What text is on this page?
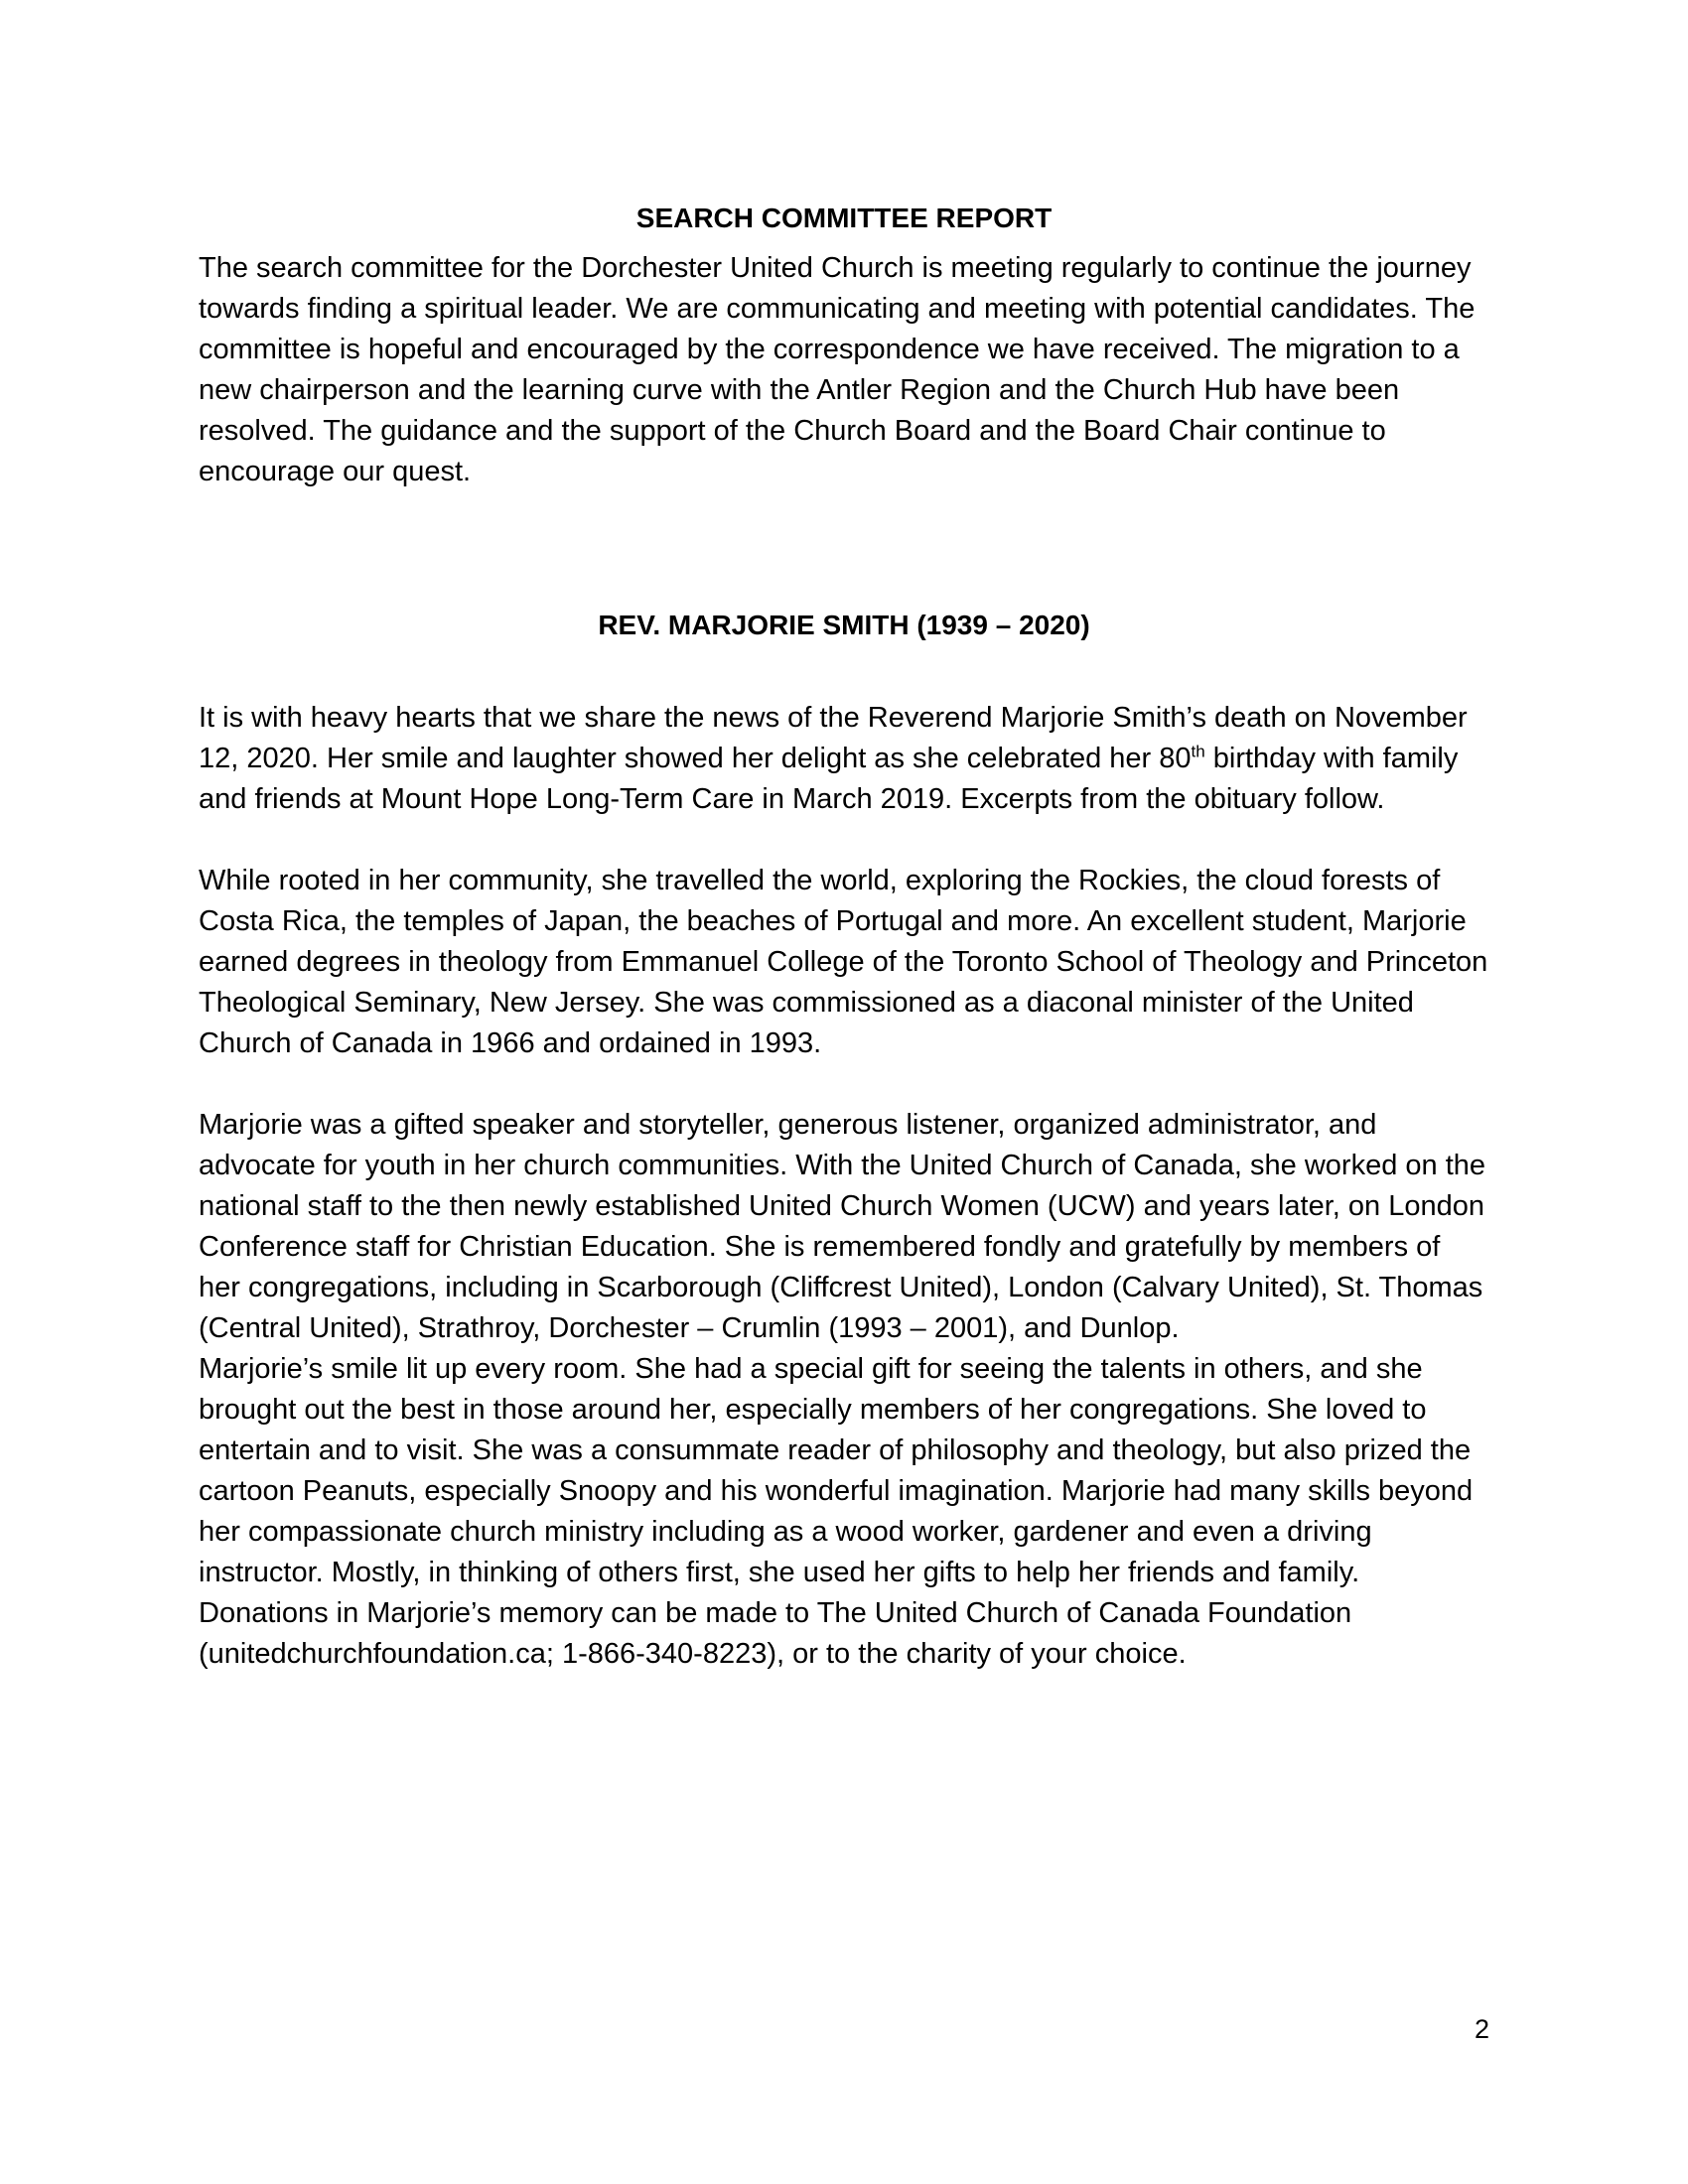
SEARCH COMMITTEE REPORT

The search committee for the Dorchester United Church is meeting regularly to continue the journey towards finding a spiritual leader. We are communicating and meeting with potential candidates. The committee is hopeful and encouraged by the correspondence we have received. The migration to a new chairperson and the learning curve with the Antler Region and the Church Hub have been resolved. The guidance and the support of the Church Board and the Board Chair continue to encourage our quest.

REV. MARJORIE SMITH (1939 – 2020)

It is with heavy hearts that we share the news of the Reverend Marjorie Smith’s death on November 12, 2020. Her smile and laughter showed her delight as she celebrated her 80th birthday with family and friends at Mount Hope Long-Term Care in March 2019. Excerpts from the obituary follow.

While rooted in her community, she travelled the world, exploring the Rockies, the cloud forests of Costa Rica, the temples of Japan, the beaches of Portugal and more. An excellent student, Marjorie earned degrees in theology from Emmanuel College of the Toronto School of Theology and Princeton Theological Seminary, New Jersey. She was commissioned as a diaconal minister of the United Church of Canada in 1966 and ordained in 1993.

Marjorie was a gifted speaker and storyteller, generous listener, organized administrator, and advocate for youth in her church communities. With the United Church of Canada, she worked on the national staff to the then newly established United Church Women (UCW) and years later, on London Conference staff for Christian Education. She is remembered fondly and gratefully by members of her congregations, including in Scarborough (Cliffcrest United), London (Calvary United), St. Thomas (Central United), Strathroy, Dorchester – Crumlin (1993 – 2001), and Dunlop.

Marjorie’s smile lit up every room. She had a special gift for seeing the talents in others, and she brought out the best in those around her, especially members of her congregations. She loved to entertain and to visit. She was a consummate reader of philosophy and theology, but also prized the cartoon Peanuts, especially Snoopy and his wonderful imagination. Marjorie had many skills beyond her compassionate church ministry including as a wood worker, gardener and even a driving instructor. Mostly, in thinking of others first, she used her gifts to help her friends and family.

Donations in Marjorie’s memory can be made to The United Church of Canada Foundation (unitedchurchfoundation.ca; 1-866-340-8223), or to the charity of your choice.

2
